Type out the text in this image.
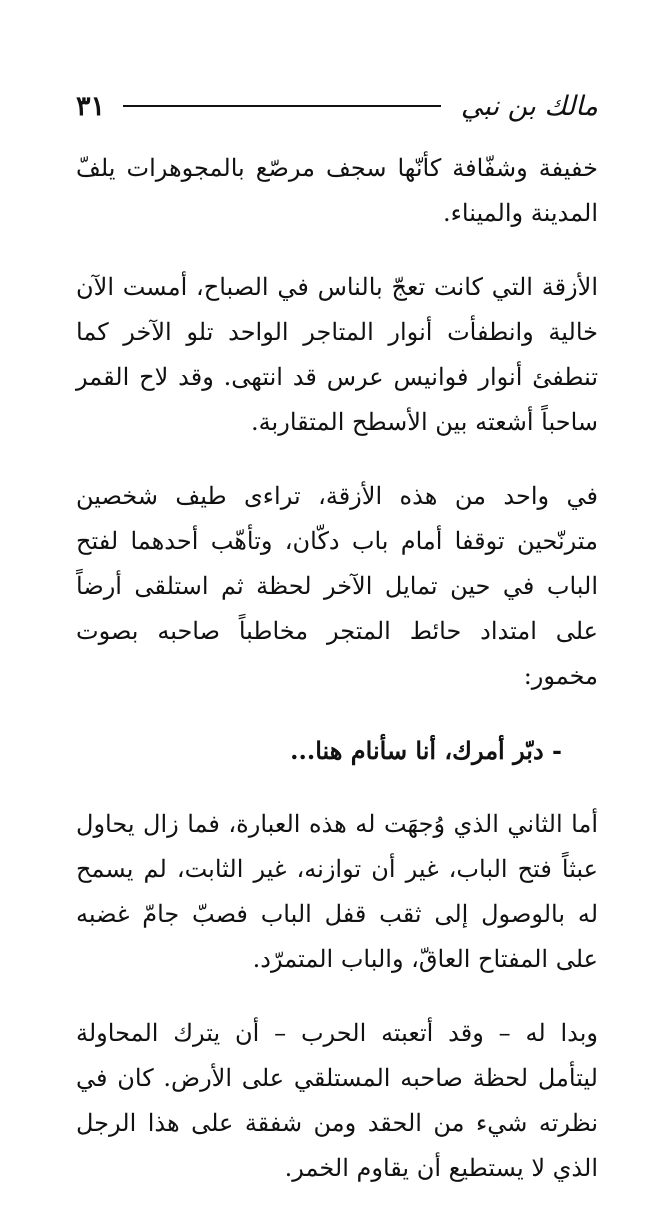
مالك بن نبي
٣١

خفيفة وشفّافة كأنّها سجف مرصّع بالمجوهرات يلفّ المدينة والميناء.

الأزقة التي كانت تعجّ بالناس في الصباح، أمست الآن خالية وانطفأت أنوار المتاجر الواحد تلو الآخر كما تنطفئ أنوار فوانيس عرس قد انتهى. وقد لاح القمر ساحباً أشعته بين الأسطح المتقاربة.

في واحد من هذه الأزقة، تراءى طيف شخصين مترنّحين توقفا أمام باب دكّان، وتأهّب أحدهما لفتح الباب في حين تمايل الآخر لحظة ثم استلقى أرضاً على امتداد حائط المتجر مخاطباً صاحبه بصوت مخمور:

- دبّر أمرك، أنا سأنام هنا...

أما الثاني الذي وُجهَت له هذه العبارة، فما زال يحاول عبثاً فتح الباب، غير أن توازنه، غير الثابت، لم يسمح له بالوصول إلى ثقب قفل الباب فصبّ جامّ غضبه على المفتاح العاقّ، والباب المتمرّد.

وبدا له – وقد أتعبته الحرب – أن يترك المحاولة ليتأمل لحظة صاحبه المستلقي على الأرض. كان في نظرته شيء من الحقد ومن شفقة على هذا الرجل الذي لا يستطيع أن يقاوم الخمر.
